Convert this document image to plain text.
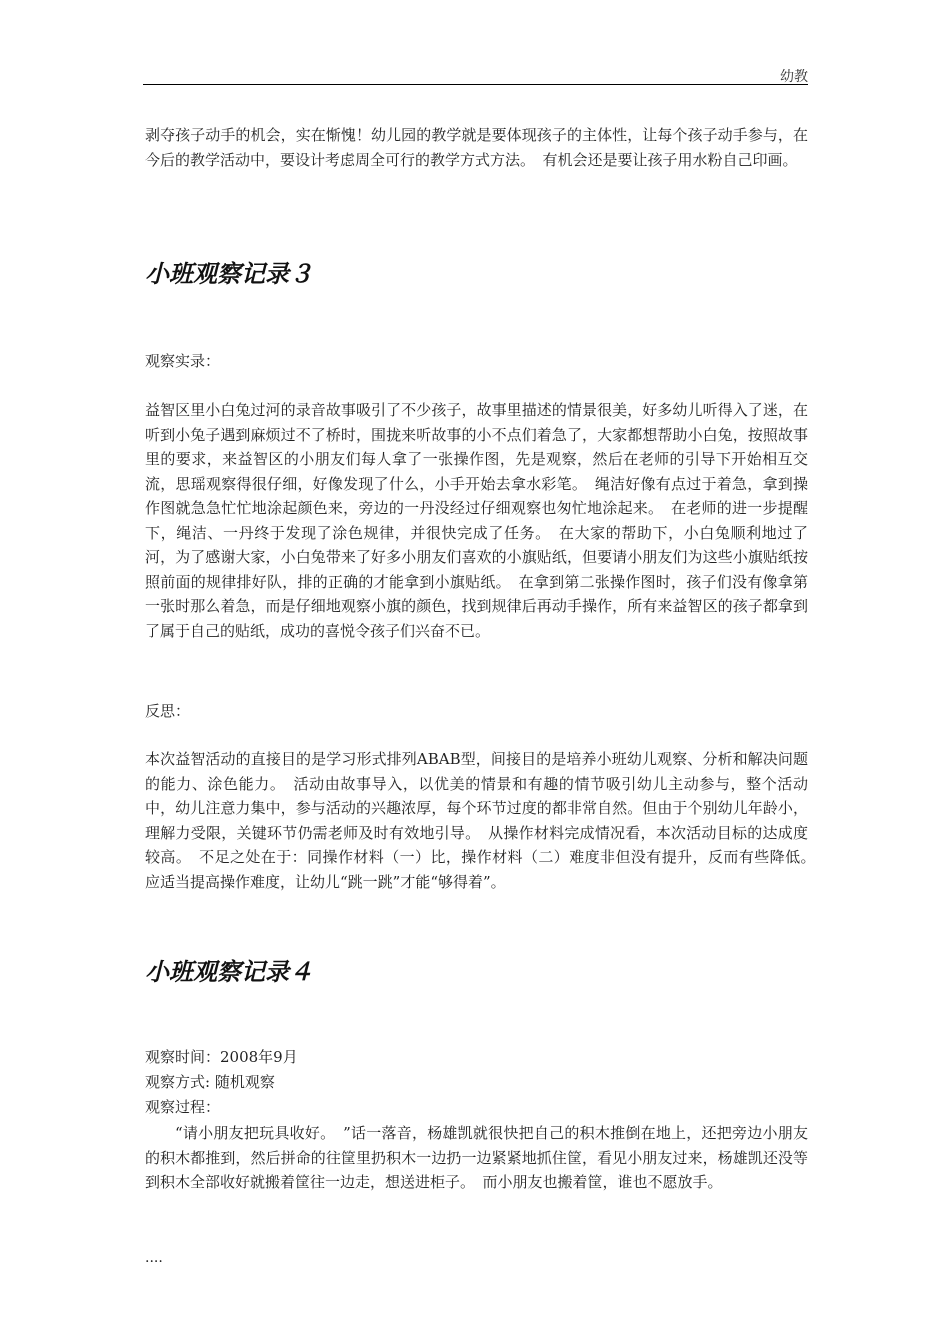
幼教

剥夺孩子动手的机会，实在惭愧！幼儿园的教学就是要体现孩子的主体性，让每个孩子动手参与，在今后的教学活动中，要设计考虑周全可行的教学方式方法。　有机会还是要让孩子用水粉自己印画。

小班观察记录３

观察实录：

益智区里小白兔过河的录音故事吸引了不少孩子，故事里描述的情景很美，好多幼儿听得入了迷，在听到小兔子遇到麻烦过不了桥时，围拢来听故事的小不点们着急了，大家都想帮助小白兔，按照故事里的要求，来益智区的小朋友们每人拿了一张操作图，先是观察，然后在老师的引导下开始相互交流，思瑶观察得很仔细，好像发现了什么，小手开始去拿水彩笔。　绳洁好像有点过于着急，拿到操作图就急急忙忙地涂起颜色来，旁边的一丹没经过仔细观察也匆忙地涂起来。　在老师的进一步提醒下，绳洁、一丹终于发现了涂色规律，并很快完成了任务。　在大家的帮助下，小白兔顺利地过了河，为了感谢大家，小白兔带来了好多小朋友们喜欢的小旗贴纸，但要请小朋友们为这些小旗贴纸按照前面的规律排好队，排的正确的才能拿到小旗贴纸。　在拿到第二张操作图时，孩子们没有像拿第一张时那么着急，而是仔细地观察小旗的颜色，找到规律后再动手操作，所有来益智区的孩子都拿到了属于自己的贴纸，成功的喜悦令孩子们兴奋不已。

反思：

本次益智活动的直接目的是学习形式排列ABAB型，间接目的是培养小班幼儿观察、分析和解决问题的能力、涂色能力。　活动由故事导入，以优美的情景和有趣的情节吸引幼儿主动参与，整个活动中，幼儿注意力集中，参与活动的兴趣浓厚，每个环节过度的都非常自然。但由于个别幼儿年龄小，理解力受限，关键环节仍需老师及时有效地引导。　从操作材料完成情况看，本次活动目标的达成度较高。　不足之处在于：同操作材料（一）比，操作材料（二）难度非但没有提升，反而有些降低。　应适当提高操作难度，让幼儿“跳一跳”才能“够得着”。

小班观察记录４

观察时间：2008年9月

观察方式: 随机观察

观察过程：

“请小朋友把玩具收好。　”话一落音，杨雄凯就很快把自己的积木推倒在地上，还把旁边小朋友的积木都推到，然后拼命的往筐里扔积木一边扔一边紧紧地抓住筐，看见小朋友过来，杨雄凯还没等到积木全部收好就搬着筐往一边走，想送进柜子。　而小朋友也搬着筐，谁也不愿放手。

....
